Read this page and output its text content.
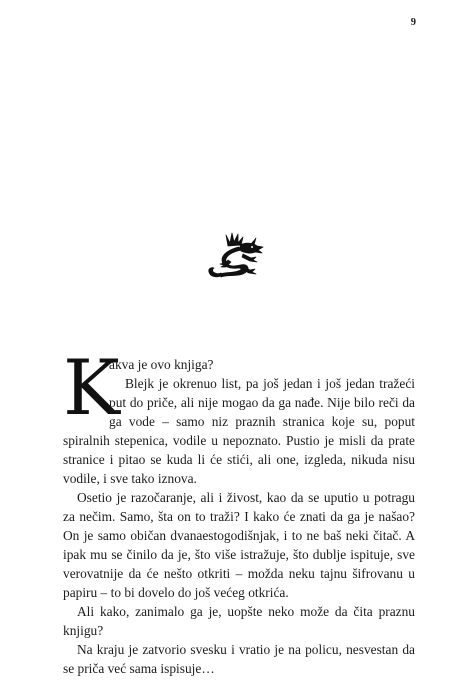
9
K

akva je ovo knjiga?

Blejk je okrenuo list, pa još jedan i još jedan tražeći put do priče, ali nije mogao da ga nađe. Nije bilo reči da ga vode – samo niz praznih stranica koje su, poput spiralnih stepenica, vodile u nepoznato. Pustio je misli da prate stranice i pitao se kuda li će stići, ali one, izgleda, nikuda nisu vodile, i sve tako iznova.

Osetio je razočaranje, ali i živost, kao da se uputio u potragu za nečim. Samo, šta on to traži? I kako će znati da ga je našao? On je samo običan dvanaestogodišnjak, i to ne baš neki čitač. A ipak mu se činilo da je, što više istražuje, što dublje ispituje, sve verovatnije da će nešto otkriti – možda neku tajnu šifrovanu u papiru – to bi dovelo do još većeg otkrića.

Ali kako, zanimalo ga je, uopšte neko može da čita praznu knjigu?

Na kraju je zatvorio svesku i vratio je na policu, nesvestan da se priča već sama ispisuje…
